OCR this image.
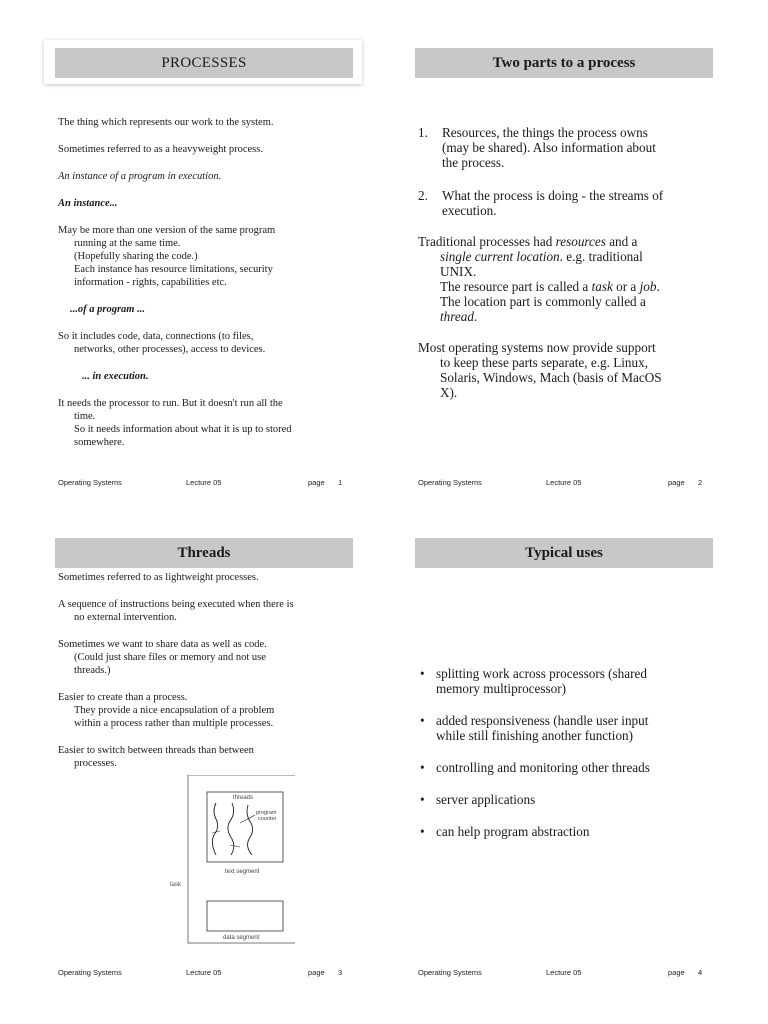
PROCESSES

The thing which represents our work to the system.

Sometimes referred to as a heavyweight process.

An instance of a program in execution.

An instance...

May be more than one version of the same program
running at the same time.
(Hopefully sharing the code.)
Each instance has resource limitations, security
information - rights, capabilities etc.

...of a program ...

So it includes code, data, connections (to files,
networks, other processes), access to devices.

... in execution.

It needs the processor to run. But it doesn't run all the
time.
So it needs information about what it is up to stored
somewhere.

Operating Systems	Lecture 05	page 1
Two parts to a process
1. Resources, the things the process owns
(may be shared). Also information about
the process.
2. What the process is doing - the streams of
execution.

Traditional processes had resources and a
single current location. e.g. traditional
UNIX.
The resource part is called a task or a job.
The location part is commonly called a
thread.

Most operating systems now provide support
to keep these parts separate, e.g. Linux,
Solaris, Windows, Mach (basis of MacOS
X).

Operating Systems	Lecture 05	page 2
Threads

Sometimes referred to as lightweight processes.

A sequence of instructions being executed when there is
no external intervention.

Sometimes we want to share data as well as code.
(Could just share files or memory and not use
threads.)

Easier to create than a process.
They provide a nice encapsulation of a problem
within a process rather than multiple processes.

Easier to switch between threads than between
processes.

threads
program
counter
text segment
task
data segment
Operating Systems	Lecture 05	page 3
Typical uses
• splitting work across processors (shared
memory multiprocessor)
• added responsiveness (handle user input
while still finishing another function)
• controlling and monitoring other threads
• server applications
• can help program abstraction
Operating Systems	Lecture 05	page 4
